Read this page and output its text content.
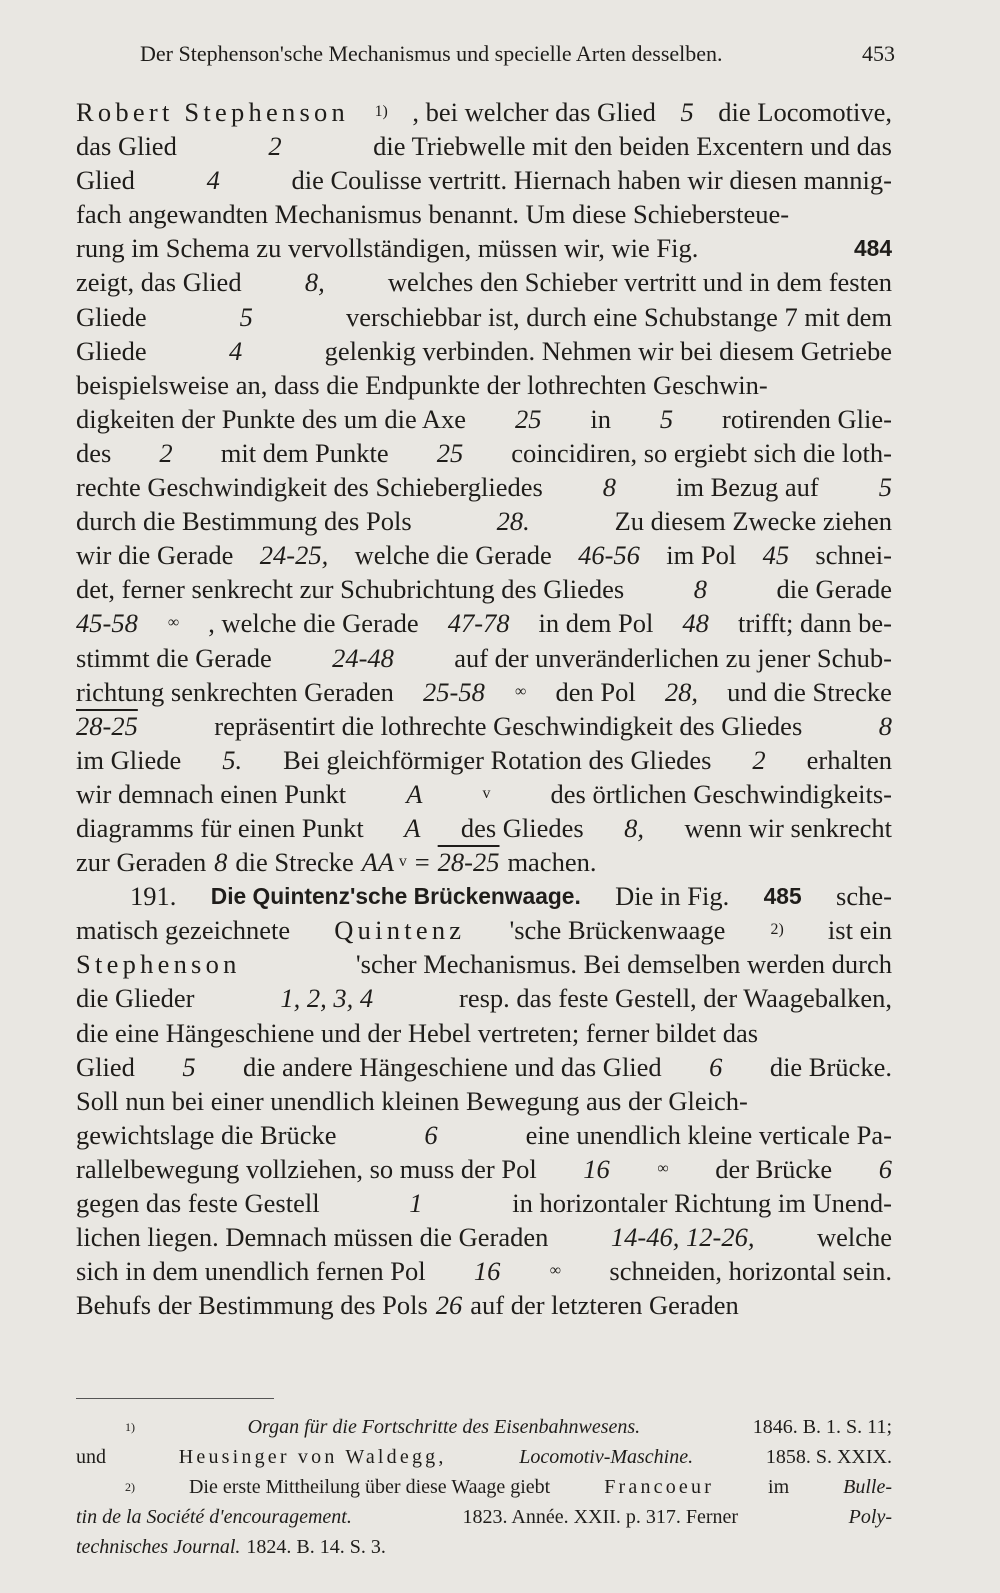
Der Stephenson'sche Mechanismus und specielle Arten desselben.	453
Robert Stephenson 1) , bei welcher das Glied 5 die Locomotive,
das Glied	2	die Triebwelle mit den beiden Excentern und das
Glied	4	die Coulisse vertritt. Hiernach haben wir diesen mannig-
fach angewandten Mechanismus benannt. Um diese Schiebersteue-
rung im Schema zu vervollständigen, müssen wir, wie Fig.	484
zeigt, das Glied 8, welches den Schieber vertritt und in dem festen
Gliede	5	verschiebbar ist, durch eine Schubstange 7 mit dem
Gliede	4	gelenkig verbinden. Nehmen wir bei diesem Getriebe
beispielsweise an, dass die Endpunkte der lothrechten Geschwin-
digkeiten der Punkte des um die Axe 25 in 5 rotirenden Glie-
des 2 mit dem Punkte 25 coincidiren, so ergiebt sich die loth-
rechte Geschwindigkeit des Schiebergliedes 8 im Bezug auf 5
durch die Bestimmung des Pols	28.	Zu diesem Zwecke ziehen
wir die Gerade 24-25, welche die Gerade 46-56 im Pol 45 schnei-
det, ferner senkrecht zur Schubrichtung des Gliedes	8	die Gerade
45-58 ∞ , welche die Gerade 47-78 in dem Pol 48 trifft; dann be-
stimmt die Gerade 24-48 auf der unveränderlichen zu jener Schub-
richtung senkrechten Geraden 25-58 ∞ den Pol 28, und die Strecke
28-25	repräsentirt die lothrechte Geschwindigkeit des Gliedes	8
im Gliede 5. Bei gleichförmiger Rotation des Gliedes 2 erhalten
wir demnach einen Punkt A	v des örtlichen Geschwindigkeits-
diagramms für einen Punkt A des Gliedes 8, wenn wir senkrecht
zur Geraden 8 die Strecke AA v = 28-25 machen.
191. Die Quintenz'sche Brückenwaage. Die in Fig. 485 sche-
matisch gezeichnete Quintenz 'sche Brückenwaage	2) ist ein
Stephenson	'scher Mechanismus. Bei demselben werden durch
die Glieder	1, 2, 3, 4	resp. das feste Gestell, der Waagebalken,
die eine Hängeschiene und der Hebel vertreten; ferner bildet das
Glied 5 die andere Hängeschiene und das Glied 6 die Brücke.
Soll nun bei einer unendlich kleinen Bewegung aus der Gleich-
gewichtslage die Brücke	6	eine unendlich kleine verticale Pa-
rallelbewegung vollziehen, so muss der Pol 16	∞ der Brücke 6
gegen das feste Gestell	1	in horizontaler Richtung im Unend-
lichen liegen. Demnach müssen die Geraden 14-46, 12-26, welche
sich in dem unendlich fernen Pol 16	∞ schneiden, horizontal sein.
Behufs der Bestimmung des Pols 26 auf der letzteren Geraden
1)	Organ für die Fortschritte des Eisenbahnwesens.	1846. B. 1. S. 11;
und	Heusinger von Waldegg,	Locomotiv-Maschine.	1858. S. XXIX.
2)	Die erste Mittheilung über diese Waage giebt	Francoeur	im	Bulle-
tin de la Société d'encouragement.	1823. Année. XXII. p. 317. Ferner	Poly-
technisches Journal. 1824. B. 14. S. 3.
